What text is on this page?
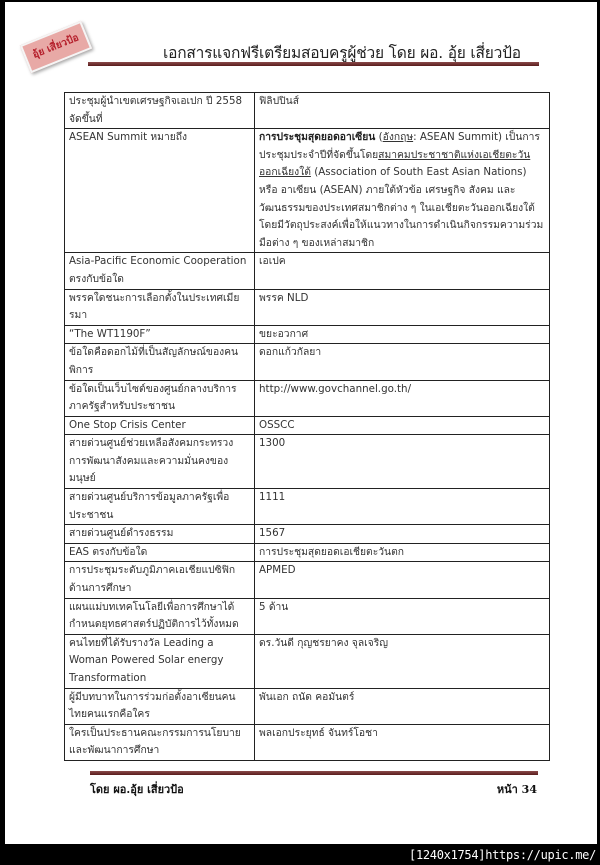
อุ้ย เสี่ยวป้อ	เอกสารแจกฟรีเตรียมสอบครูผู้ช่วย โดย ผอ. อุ้ย เสี่ยวป้อ
ประชุมผู้นำเขตเศรษฐกิจเอเปก ปี 2558 จัดขึ้นที่	ฟิลิปปินส์
ASEAN Summit หมายถึง	การประชุมสุดยอดอาเซียน (อังกฤษ: ASEAN Summit) เป็นการประชุมประจำปีที่จัดขึ้นโดยสมาคมประชาชาติแห่งเอเชียตะวันออกเฉียงใต้ (Association of South East Asian Nations) หรือ อาเซียน (ASEAN) ภายใต้หัวข้อ เศรษฐกิจ สังคม และวัฒนธรรมของประเทศสมาชิกต่าง ๆ ในเอเชียตะวันออกเฉียงใต้ โดยมีวัตถุประสงค์เพื่อให้แนวทางในการดำเนินกิจกรรมความร่วมมือต่าง ๆ ของเหล่าสมาชิก
Asia-Pacific Economic Cooperation ตรงกับข้อใด	เอเปค
พรรคใดชนะการเลือกตั้งในประเทศเมียรมา	พรรค NLD
“The WT1190F”	ขยะอวกาศ
ข้อใดคือดอกไม้ที่เป็นสัญลักษณ์ของคนพิการ	ดอกแก้วกัลยา
ข้อใดเป็นเว็บไซต์ของศูนย์กลางบริการภาครัฐสำหรับประชาชน	http://www.govchannel.go.th/
One Stop Crisis Center	OSSCC
สายด่วนศูนย์ช่วยเหลือสังคมกระทรวงการพัฒนาสังคมและความมั่นคงของมนุษย์	1300
สายด่วนศูนย์บริการข้อมูลภาครัฐเพื่อประชาชน	1111
สายด่วนศูนย์ดำรงธรรม	1567
EAS ตรงกับข้อใด	การประชุมสุดยอดเอเชียตะวันตก
การประชุมระดับภูมิภาคเอเชียแปซิฟิกด้านการศึกษา	APMED
แผนแม่บทเทคโนโลยีเพื่อการศึกษาได้กำหนดยุทธศาสตร์ปฏิบัติการไว้ทั้งหมด	5 ด้าน
คนไทยที่ได้รับรางวัล Leading a Woman Powered Solar energy Transformation	ดร.วันดี กุญชรยาคง จุลเจริญ
ผู้มีบทบาทในการร่วมก่อตั้งอาเซียนคนไทยคนแรกคือใคร	พันเอก ถนัด คอมันตร์
ใครเป็นประธานคณะกรรมการนโยบายและพัฒนาการศึกษา	พลเอกประยุทธ์ จันทร์โอชา
โดย ผอ.อุ้ย เสี่ยวป้อ	หน้า 34
[1240x1754]https://upic.me/
